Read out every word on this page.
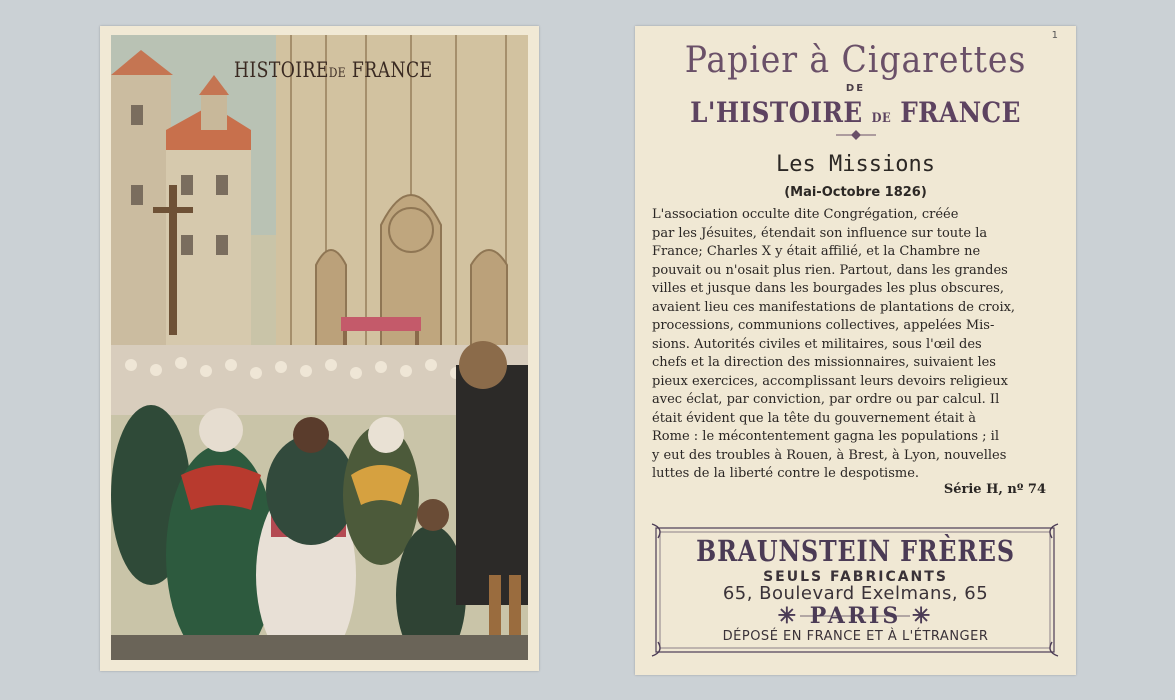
HISTOIREDE FRANCE
1
Papier à Cigarettes
DE
L'HISTOIRE DE FRANCE
Les Missions
(Mai-Octobre 1826)
L'association occulte dite Congrégation, créée
par les Jésuites, étendait son influence sur toute la
France; Charles X y était affilié, et la Chambre ne
pouvait ou n'osait plus rien. Partout, dans les grandes
villes et jusque dans les bourgades les plus obscures,
avaient lieu ces manifestations de plantations de croix,
processions, communions collectives, appelées Mis-
sions. Autorités civiles et militaires, sous l'œil des
chefs et la direction des missionnaires, suivaient les
pieux exercices, accomplissant leurs devoirs religieux
avec éclat, par conviction, par ordre ou par calcul. Il
était évident que la tête du gouvernement était à
Rome : le mécontentement gagna les populations ; il
y eut des troubles à Rouen, à Brest, à Lyon, nouvelles
luttes de la liberté contre le despotisme.
Série H, nº 74
BRAUNSTEIN FRÈRES
SEULS FABRICANTS
65, Boulevard Exelmans, 65
✳ PARIS ✳
DÉPOSÉ EN FRANCE ET À L'ÉTRANGER
